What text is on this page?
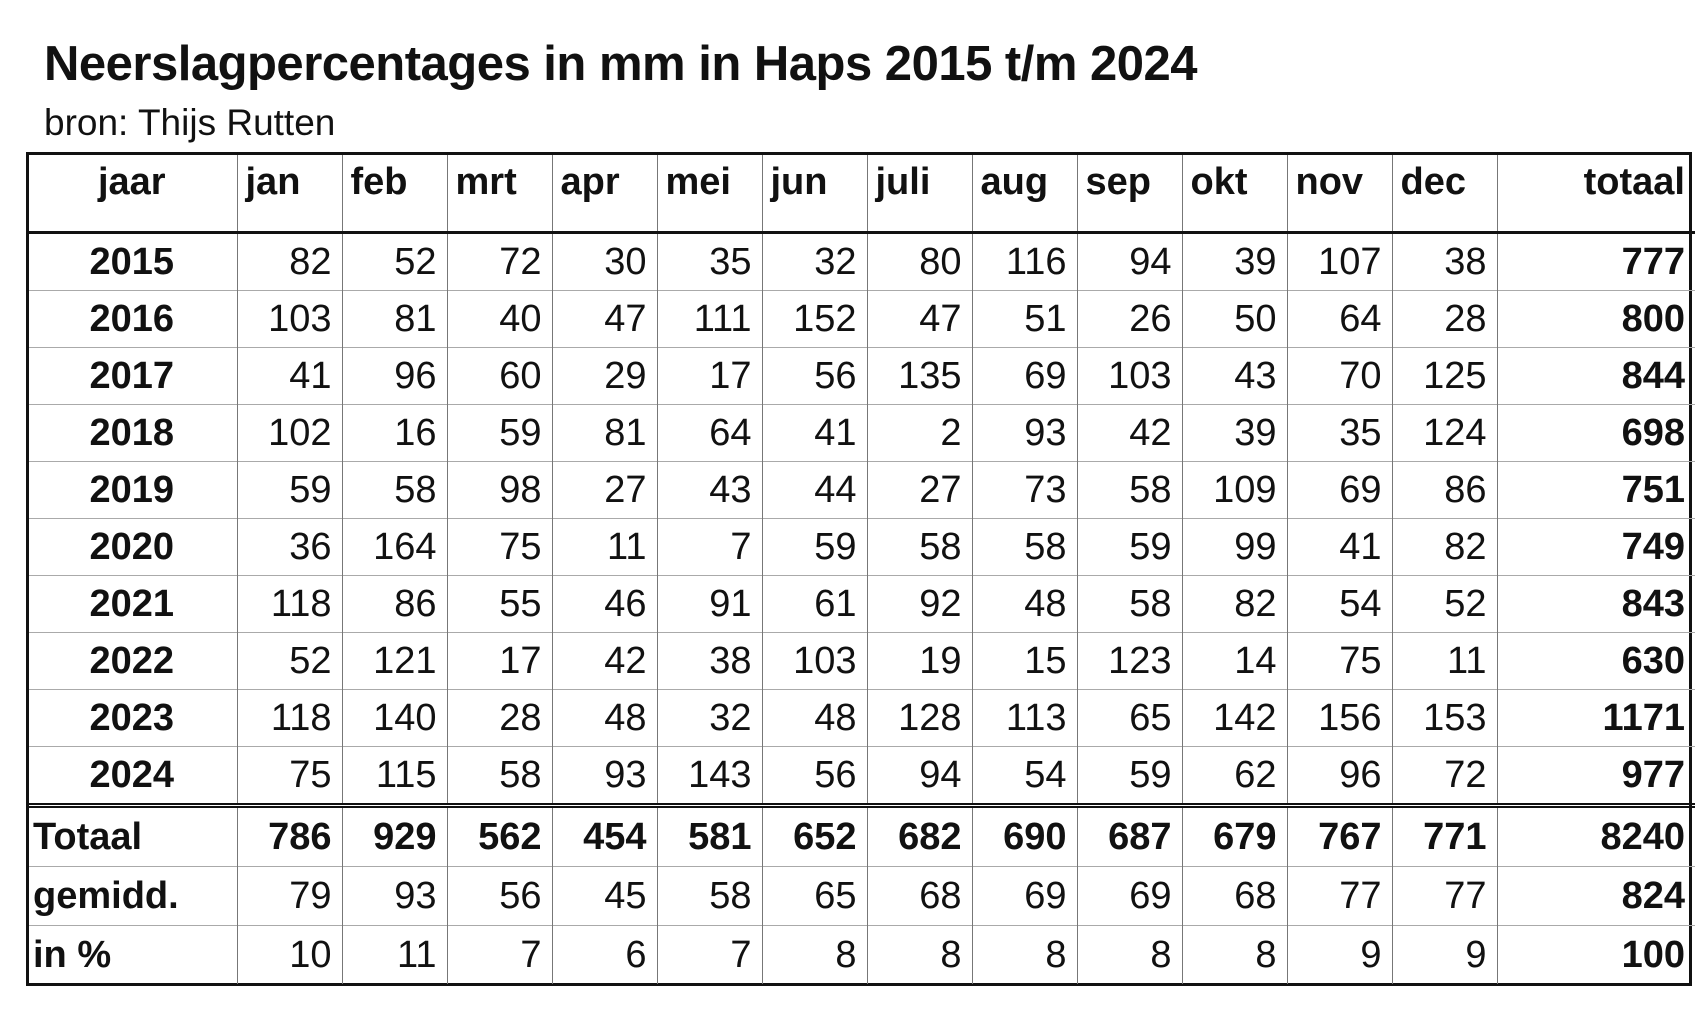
Neerslagpercentages in mm in Haps 2015 t/m 2024
bron: Thijs Rutten
jaar	jan	feb	mrt	apr	mei	jun	juli	aug	sep	okt	nov	dec	totaal
2015	82	52	72	30	35	32	80	116	94	39	107	38	777
2016	103	81	40	47	111	152	47	51	26	50	64	28	800
2017	41	96	60	29	17	56	135	69	103	43	70	125	844
2018	102	16	59	81	64	41	2	93	42	39	35	124	698
2019	59	58	98	27	43	44	27	73	58	109	69	86	751
2020	36	164	75	11	7	59	58	58	59	99	41	82	749
2021	118	86	55	46	91	61	92	48	58	82	54	52	843
2022	52	121	17	42	38	103	19	15	123	14	75	11	630
2023	118	140	28	48	32	48	128	113	65	142	156	153	1171
2024	75	115	58	93	143	56	94	54	59	62	96	72	977
Totaal	786	929	562	454	581	652	682	690	687	679	767	771	8240
gemidd.	79	93	56	45	58	65	68	69	69	68	77	77	824
in %	10	11	7	6	7	8	8	8	8	8	9	9	100
